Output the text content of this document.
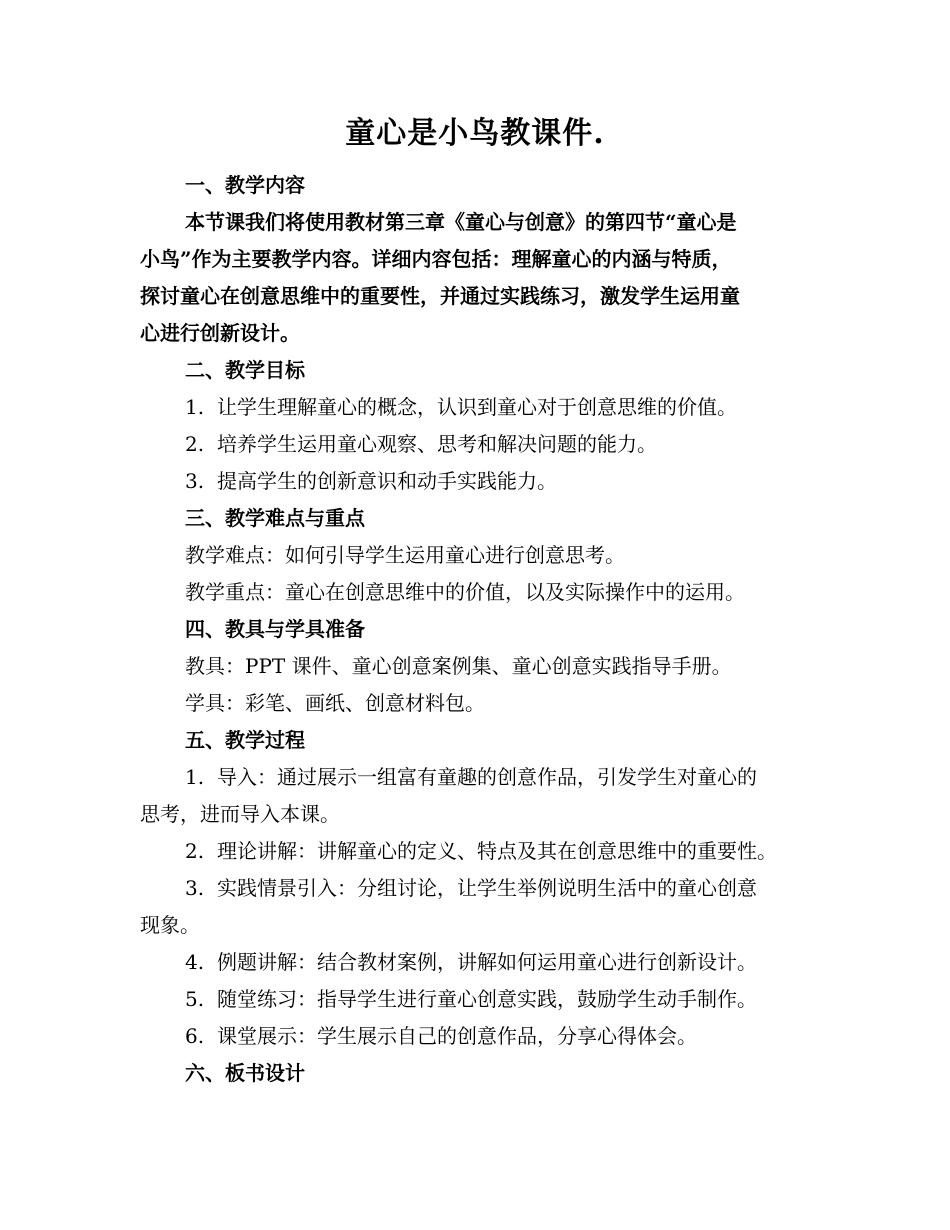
童心是小鸟教课件.
一、教学内容
本节课我们将使用教材第三章《童心与创意》的第四节“童心是
小鸟”作为主要教学内容。详细内容包括：理解童心的内涵与特质，
探讨童心在创意思维中的重要性，并通过实践练习，激发学生运用童
心进行创新设计。
二、教学目标
1. 让学生理解童心的概念，认识到童心对于创意思维的价值。
2. 培养学生运用童心观察、思考和解决问题的能力。
3. 提高学生的创新意识和动手实践能力。
三、教学难点与重点
教学难点：如何引导学生运用童心进行创意思考。
教学重点：童心在创意思维中的价值，以及实际操作中的运用。
四、教具与学具准备
教具：PPT 课件、童心创意案例集、童心创意实践指导手册。
学具：彩笔、画纸、创意材料包。
五、教学过程
1. 导入：通过展示一组富有童趣的创意作品，引发学生对童心的
思考，进而导入本课。
2. 理论讲解：讲解童心的定义、特点及其在创意思维中的重要性。
3. 实践情景引入：分组讨论，让学生举例说明生活中的童心创意
现象。
4. 例题讲解：结合教材案例，讲解如何运用童心进行创新设计。
5. 随堂练习：指导学生进行童心创意实践，鼓励学生动手制作。
6. 课堂展示：学生展示自己的创意作品，分享心得体会。
六、板书设计
